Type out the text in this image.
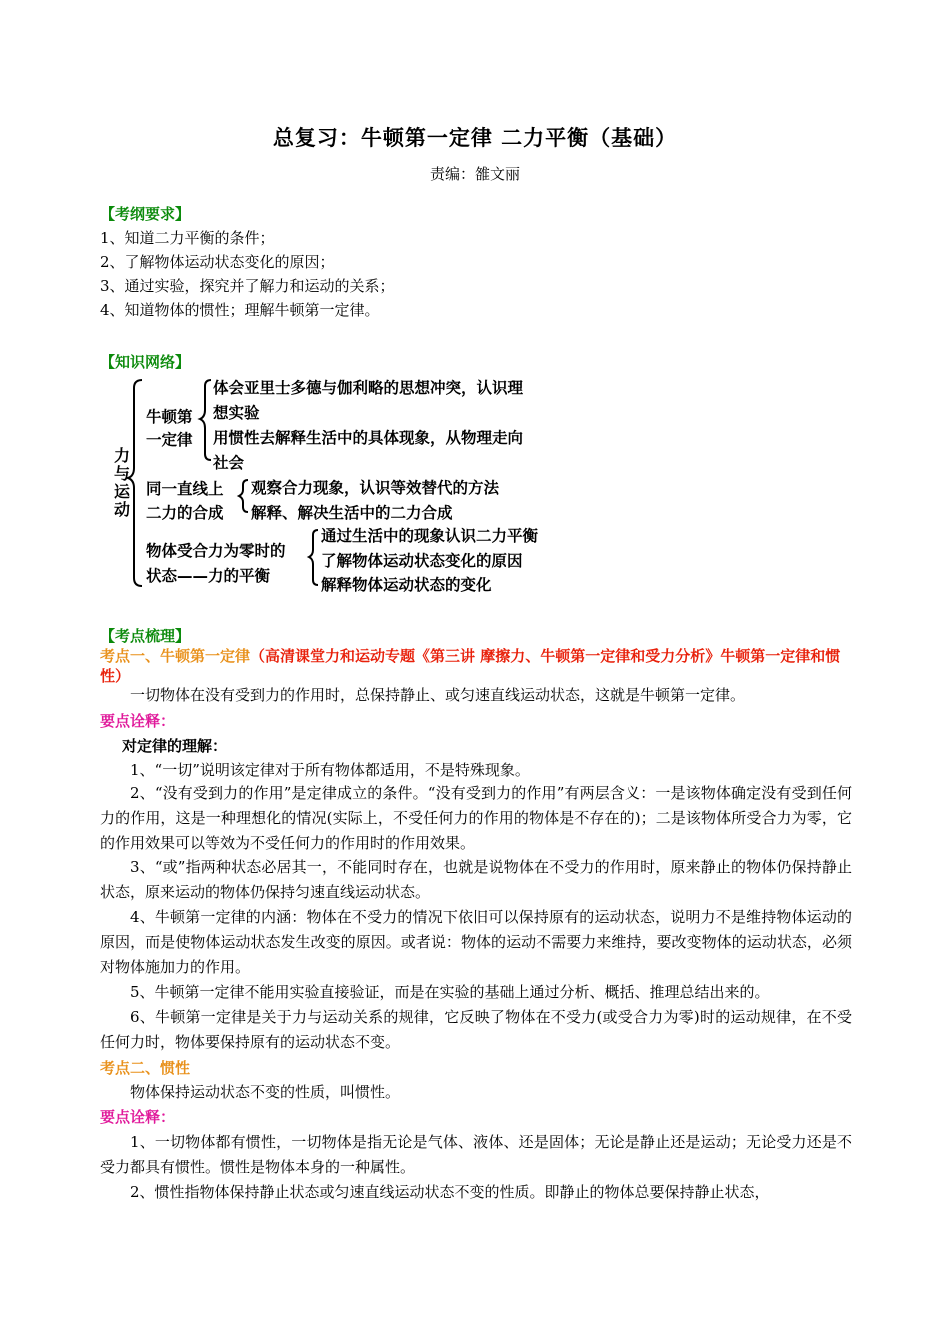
总复习：牛顿第一定律 二力平衡（基础）
责编：雒文丽
【考纲要求】
1、知道二力平衡的条件；
2、了解物体运动状态变化的原因；
3、通过实验，探究并了解力和运动的关系；
4、知道物体的惯性；理解牛顿第一定律。
【知识网络】
力与运动
牛顿第
一定律
体会亚里士多德与伽利略的思想冲突，认识理
想实验
用惯性去解释生活中的具体现象，从物理走向
社会
同一直线上
二力的合成
观察合力现象，认识等效替代的方法
解释、解决生活中的二力合成
物体受合力为零时的
状态——力的平衡
通过生活中的现象认识二力平衡
了解物体运动状态变化的原因
解释物体运动状态的变化
【考点梳理】
考点一、牛顿第一定律（高清课堂力和运动专题《第三讲 摩擦力、牛顿第一定律和受力分析》牛顿第一定律和惯性）
一切物体在没有受到力的作用时，总保持静止、或匀速直线运动状态，这就是牛顿第一定律。
要点诠释：
对定律的理解：
1、“一切”说明该定律对于所有物体都适用，不是特殊现象。
2、“没有受到力的作用”是定律成立的条件。“没有受到力的作用”有两层含义：一是该物体确定没有受到任何力的作用，这是一种理想化的情况(实际上，不受任何力的作用的物体是不存在的)；二是该物体所受合力为零，它的作用效果可以等效为不受任何力的作用时的作用效果。
3、“或”指两种状态必居其一，不能同时存在，也就是说物体在不受力的作用时，原来静止的物体仍保持静止状态，原来运动的物体仍保持匀速直线运动状态。
4、牛顿第一定律的内涵：物体在不受力的情况下依旧可以保持原有的运动状态，说明力不是维持物体运动的原因，而是使物体运动状态发生改变的原因。或者说：物体的运动不需要力来维持，要改变物体的运动状态，必须对物体施加力的作用。
5、牛顿第一定律不能用实验直接验证，而是在实验的基础上通过分析、概括、推理总结出来的。
6、牛顿第一定律是关于力与运动关系的规律，它反映了物体在不受力(或受合力为零)时的运动规律，在不受任何力时，物体要保持原有的运动状态不变。
考点二、惯性
物体保持运动状态不变的性质，叫惯性。
要点诠释：
1、一切物体都有惯性，一切物体是指无论是气体、液体、还是固体；无论是静止还是运动；无论受力还是不受力都具有惯性。惯性是物体本身的一种属性。
2、惯性指物体保持静止状态或匀速直线运动状态不变的性质。即静止的物体总要保持静止状态，
